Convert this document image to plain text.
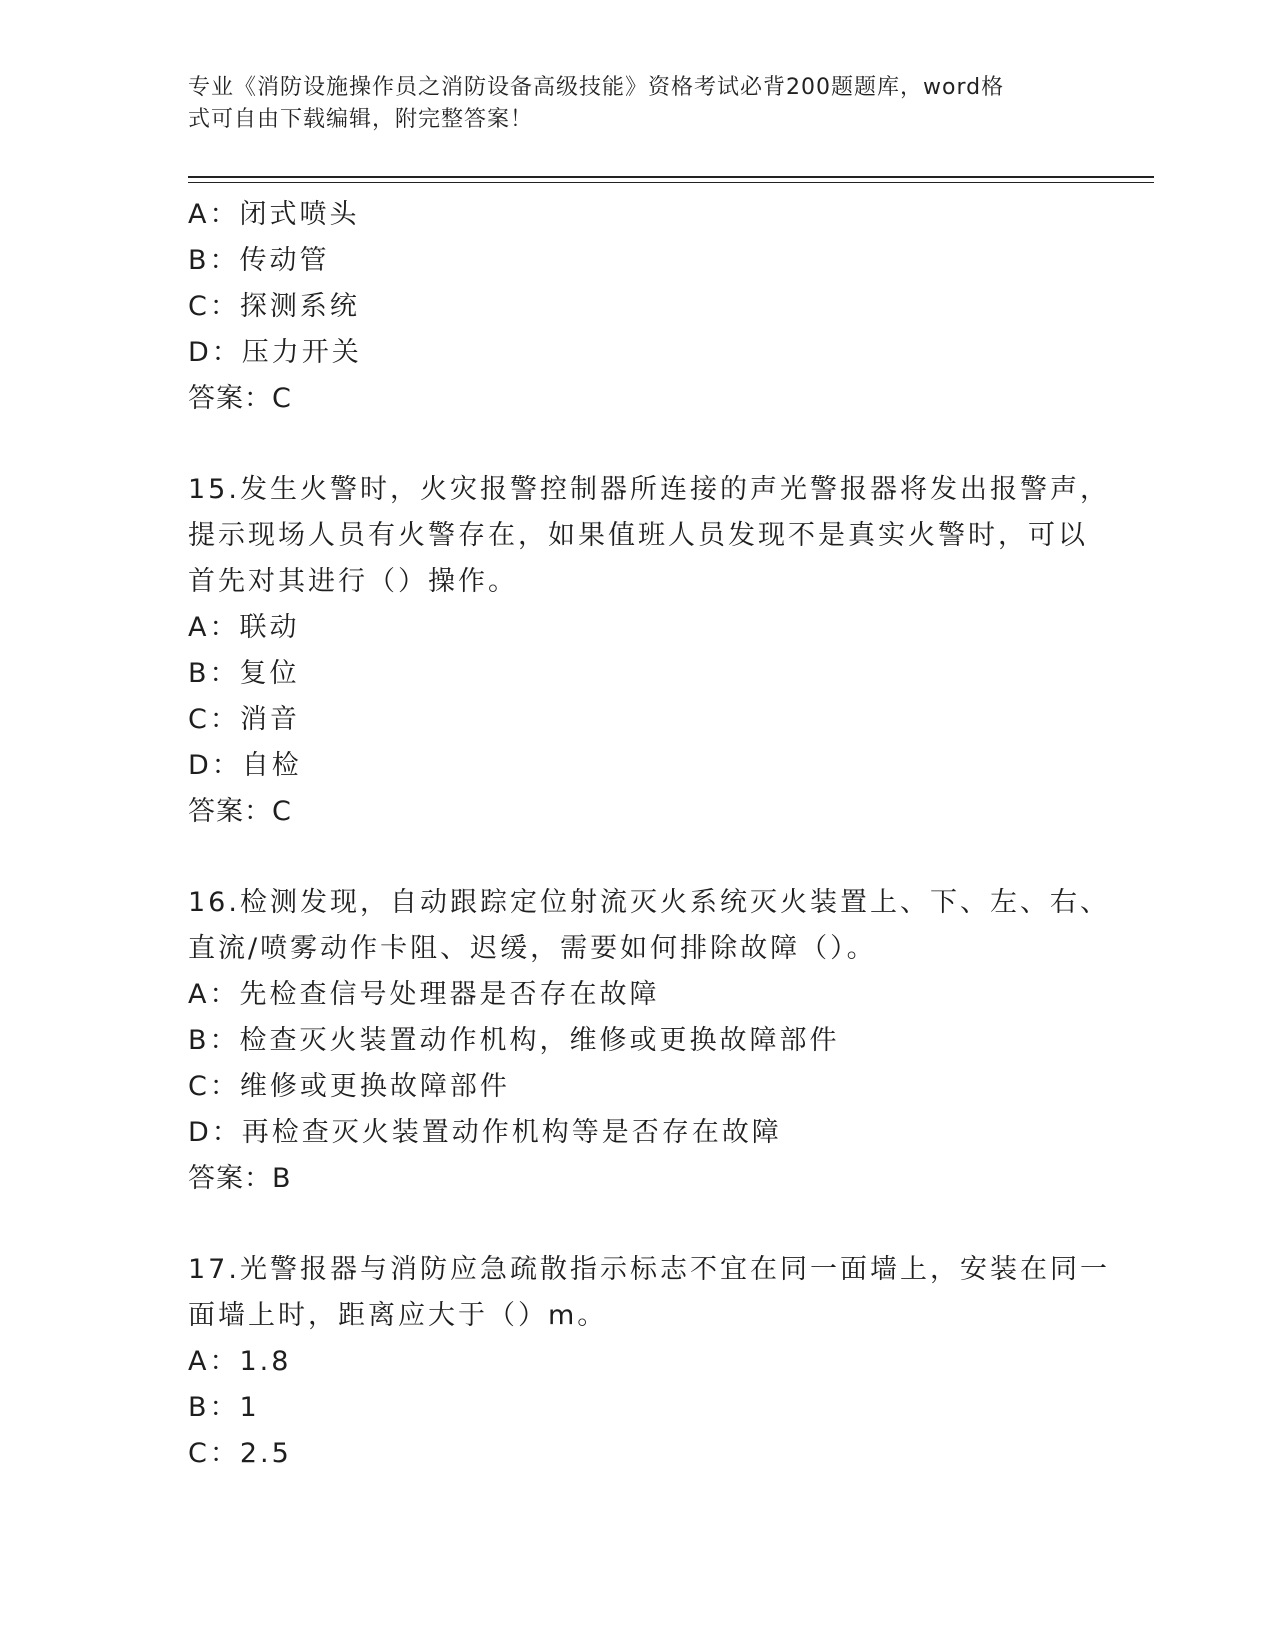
专业《消防设施操作员之消防设备高级技能》资格考试必背200题题库，word格
式可自由下载编辑，附完整答案！
A：闭式喷头
B：传动管
C：探测系统
D：压力开关
答案：C
15.发生火警时，火灾报警控制器所连接的声光警报器将发出报警声，
提示现场人员有火警存在，如果值班人员发现不是真实火警时，可以
首先对其进行（）操作。
A：联动
B：复位
C：消音
D：自检
答案：C
16.检测发现，自动跟踪定位射流灭火系统灭火装置上、下、左、右、
直流/喷雾动作卡阻、迟缓，需要如何排除故障（）。
A：先检查信号处理器是否存在故障
B：检查灭火装置动作机构，维修或更换故障部件
C：维修或更换故障部件
D：再检查灭火装置动作机构等是否存在故障
答案：B
17.光警报器与消防应急疏散指示标志不宜在同一面墙上，安装在同一
面墙上时，距离应大于（）m。
A：1.8
B：1
C：2.5
